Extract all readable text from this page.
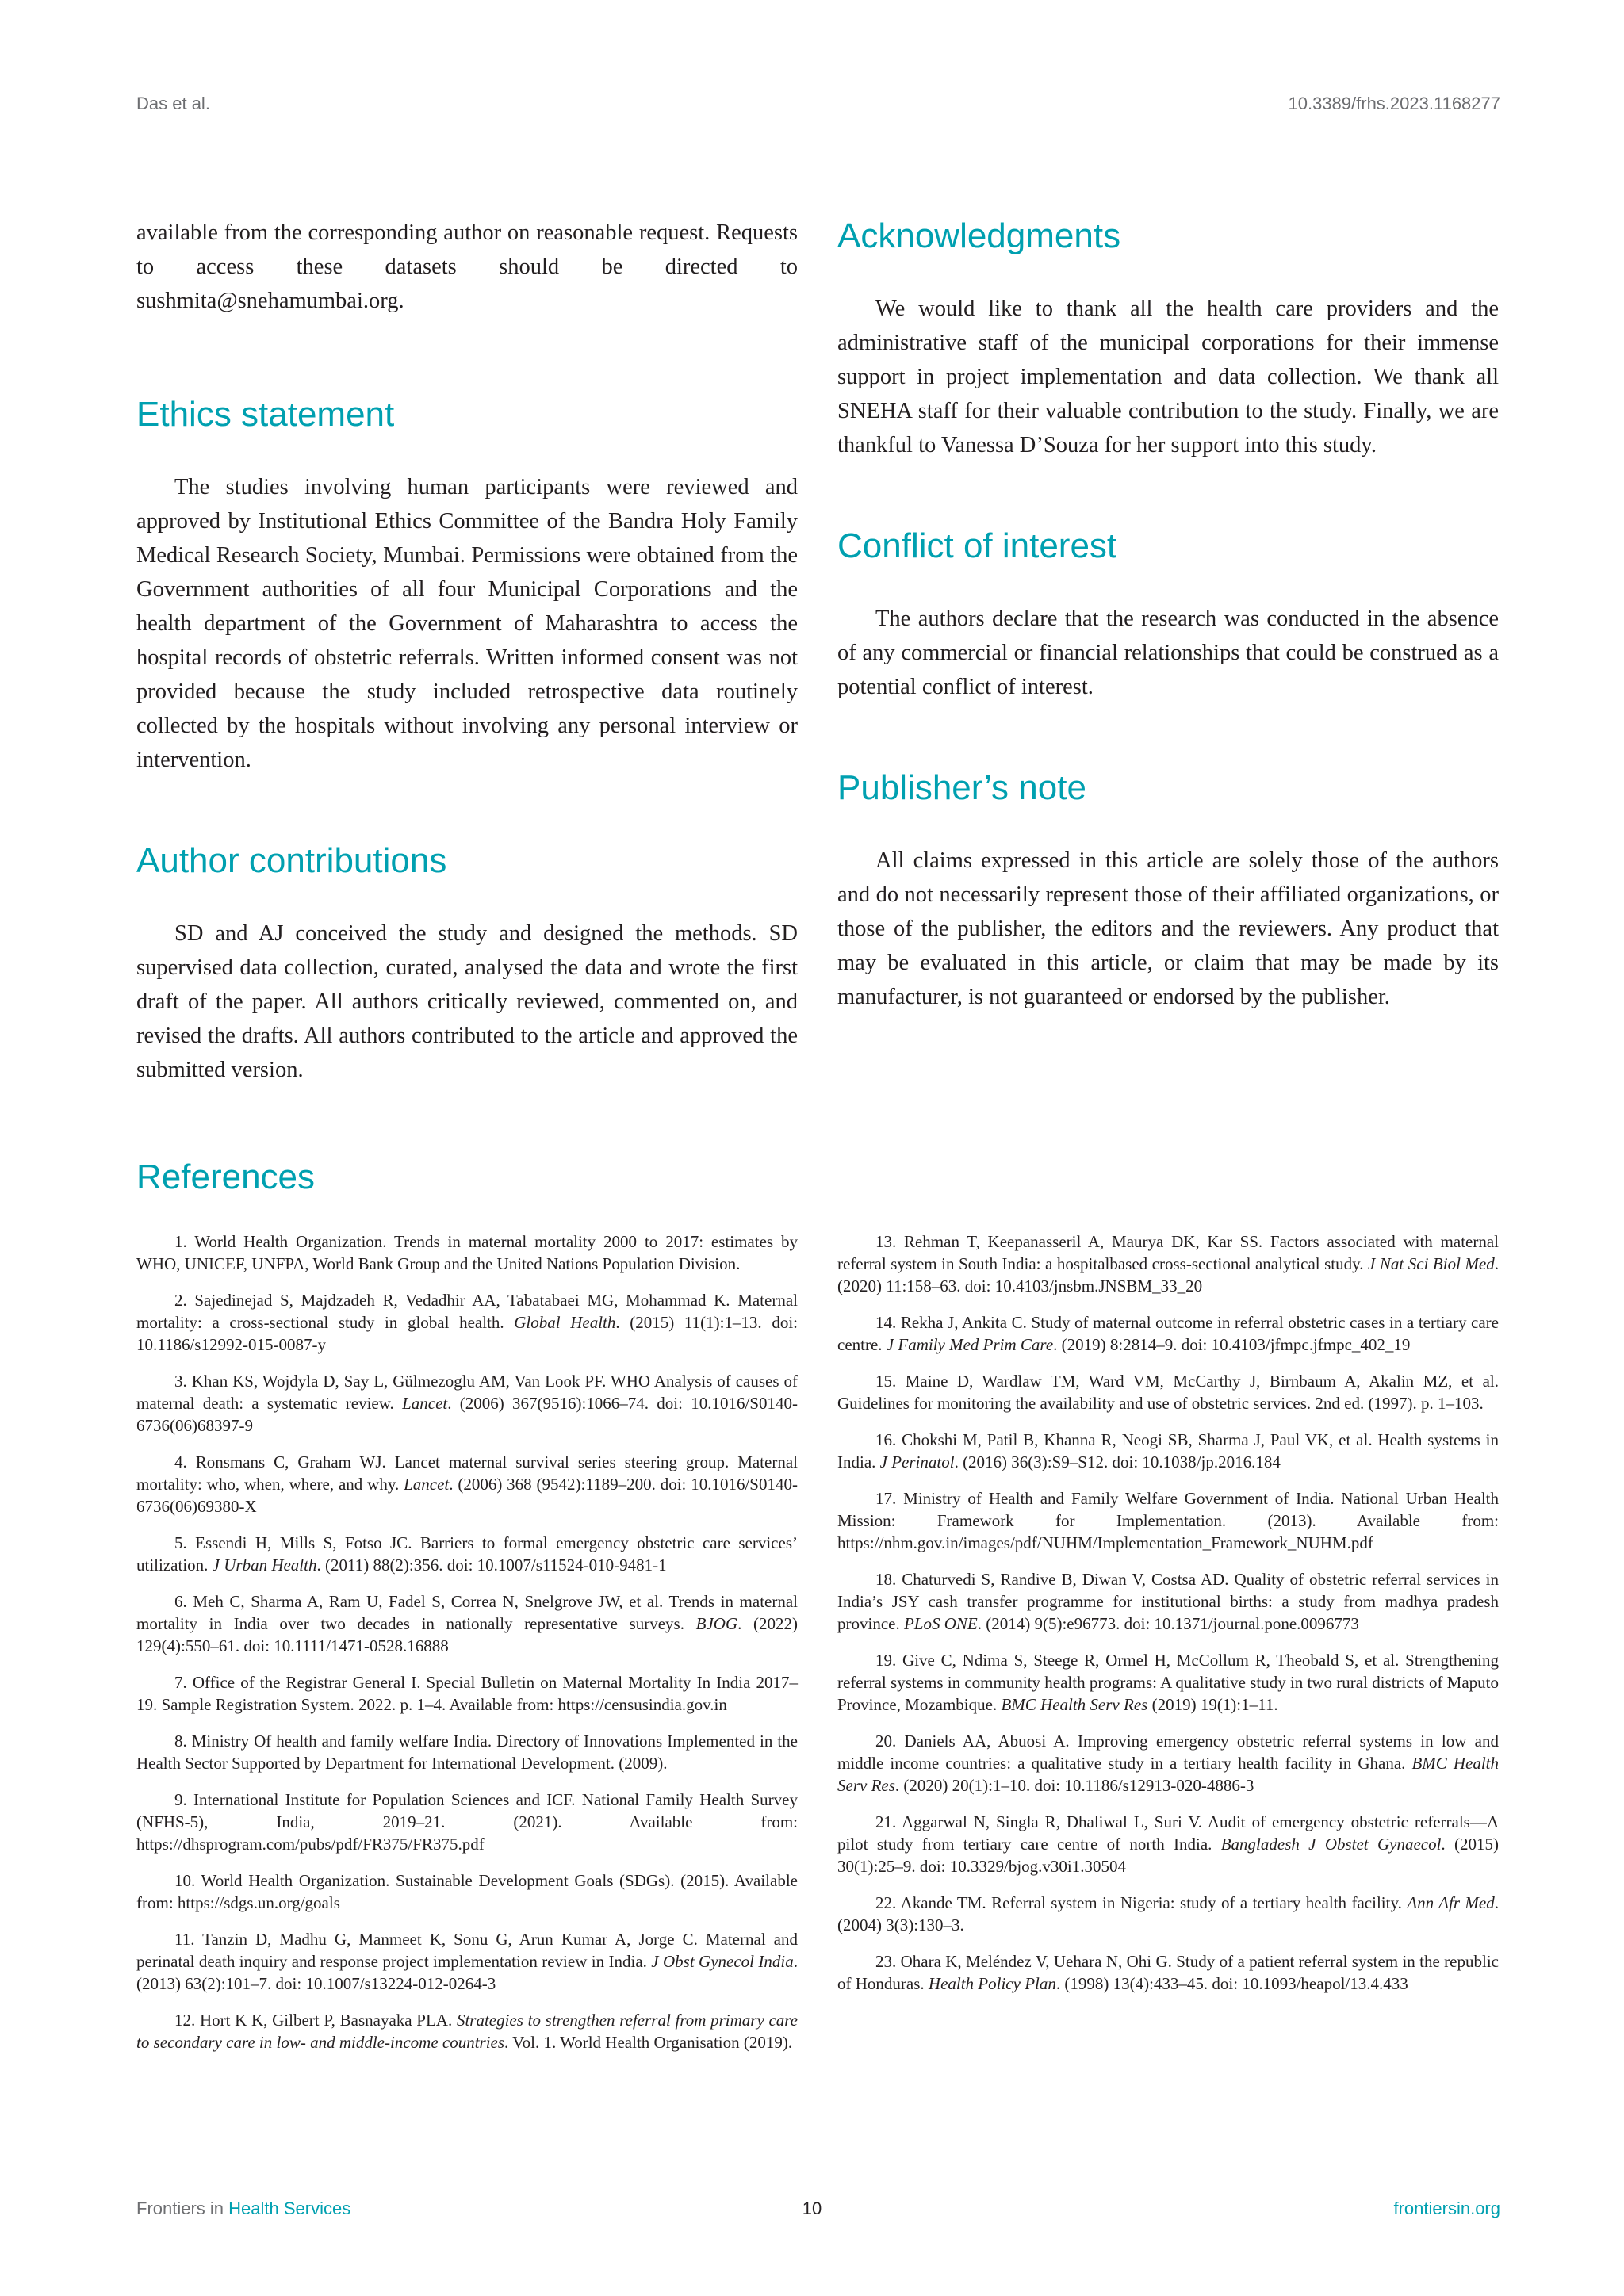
Das et al.	10.3389/frhs.2023.1168277

available from the corresponding author on reasonable request. Requests to access these datasets should be directed to sushmita@snehamumbai.org.

Ethics statement

The studies involving human participants were reviewed and approved by Institutional Ethics Committee of the Bandra Holy Family Medical Research Society, Mumbai. Permissions were obtained from the Government authorities of all four Municipal Corporations and the health department of the Government of Maharashtra to access the hospital records of obstetric referrals. Written informed consent was not provided because the study included retrospective data routinely collected by the hospitals without involving any personal interview or intervention.

Author contributions

SD and AJ conceived the study and designed the methods. SD supervised data collection, curated, analysed the data and wrote the first draft of the paper. All authors critically reviewed, commented on, and revised the drafts. All authors contributed to the article and approved the submitted version.

Acknowledgments

We would like to thank all the health care providers and the administrative staff of the municipal corporations for their immense support in project implementation and data collection. We thank all SNEHA staff for their valuable contribution to the study. Finally, we are thankful to Vanessa D’Souza for her support into this study.

Conflict of interest

The authors declare that the research was conducted in the absence of any commercial or financial relationships that could be construed as a potential conflict of interest.

Publisher’s note

All claims expressed in this article are solely those of the authors and do not necessarily represent those of their affiliated organizations, or those of the publisher, the editors and the reviewers. Any product that may be evaluated in this article, or claim that may be made by its manufacturer, is not guaranteed or endorsed by the publisher.

References

1. World Health Organization. Trends in maternal mortality 2000 to 2017: estimates by WHO, UNICEF, UNFPA, World Bank Group and the United Nations Population Division.

2. Sajedinejad S, Majdzadeh R, Vedadhir AA, Tabatabaei MG, Mohammad K. Maternal mortality: a cross-sectional study in global health. Global Health. (2015) 11(1):1–13. doi: 10.1186/s12992-015-0087-y

3. Khan KS, Wojdyla D, Say L, Gülmezoglu AM, Van Look PF. WHO Analysis of causes of maternal death: a systematic review. Lancet. (2006) 367(9516):1066–74. doi: 10.1016/S0140-6736(06)68397-9

4. Ronsmans C, Graham WJ. Lancet maternal survival series steering group. Maternal mortality: who, when, where, and why. Lancet. (2006) 368 (9542):1189–200. doi: 10.1016/S0140-6736(06)69380-X

5. Essendi H, Mills S, Fotso JC. Barriers to formal emergency obstetric care services’ utilization. J Urban Health. (2011) 88(2):356. doi: 10.1007/s11524-010-9481-1

6. Meh C, Sharma A, Ram U, Fadel S, Correa N, Snelgrove JW, et al. Trends in maternal mortality in India over two decades in nationally representative surveys. BJOG. (2022) 129(4):550–61. doi: 10.1111/1471-0528.16888

7. Office of the Registrar General I. Special Bulletin on Maternal Mortality In India 2017–19. Sample Registration System. 2022. p. 1–4. Available from: https://censusindia.gov.in

8. Ministry Of health and family welfare India. Directory of Innovations Implemented in the Health Sector Supported by Department for International Development. (2009).

9. International Institute for Population Sciences and ICF. National Family Health Survey (NFHS-5), India, 2019–21. (2021). Available from: https://dhsprogram.com/pubs/pdf/FR375/FR375.pdf

10. World Health Organization. Sustainable Development Goals (SDGs). (2015). Available from: https://sdgs.un.org/goals

11. Tanzin D, Madhu G, Manmeet K, Sonu G, Arun Kumar A, Jorge C. Maternal and perinatal death inquiry and response project implementation review in India. J Obst Gynecol India. (2013) 63(2):101–7. doi: 10.1007/s13224-012-0264-3

12. Hort K K, Gilbert P, Basnayaka PLA. Strategies to strengthen referral from primary care to secondary care in low- and middle-income countries. Vol. 1. World Health Organisation (2019).

13. Rehman T, Keepanasseril A, Maurya DK, Kar SS. Factors associated with maternal referral system in South India: a hospitalbased cross-sectional analytical study. J Nat Sci Biol Med. (2020) 11:158–63. doi: 10.4103/jnsbm.JNSBM_33_20

14. Rekha J, Ankita C. Study of maternal outcome in referral obstetric cases in a tertiary care centre. J Family Med Prim Care. (2019) 8:2814–9. doi: 10.4103/jfmpc.jfmpc_402_19

15. Maine D, Wardlaw TM, Ward VM, McCarthy J, Birnbaum A, Akalin MZ, et al. Guidelines for monitoring the availability and use of obstetric services. 2nd ed. (1997). p. 1–103.

16. Chokshi M, Patil B, Khanna R, Neogi SB, Sharma J, Paul VK, et al. Health systems in India. J Perinatol. (2016) 36(3):S9–S12. doi: 10.1038/jp.2016.184

17. Ministry of Health and Family Welfare Government of India. National Urban Health Mission: Framework for Implementation. (2013). Available from: https://nhm.gov.in/images/pdf/NUHM/Implementation_Framework_NUHM.pdf

18. Chaturvedi S, Randive B, Diwan V, Costsa AD. Quality of obstetric referral services in India’s JSY cash transfer programme for institutional births: a study from madhya pradesh province. PLoS ONE. (2014) 9(5):e96773. doi: 10.1371/journal.pone.0096773

19. Give C, Ndima S, Steege R, Ormel H, McCollum R, Theobald S, et al. Strengthening referral systems in community health programs: A qualitative study in two rural districts of Maputo Province, Mozambique. BMC Health Serv Res (2019) 19(1):1–11.

20. Daniels AA, Abuosi A. Improving emergency obstetric referral systems in low and middle income countries: a qualitative study in a tertiary health facility in Ghana. BMC Health Serv Res. (2020) 20(1):1–10. doi: 10.1186/s12913-020-4886-3

21. Aggarwal N, Singla R, Dhaliwal L, Suri V. Audit of emergency obstetric referrals—A pilot study from tertiary care centre of north India. Bangladesh J Obstet Gynaecol. (2015) 30(1):25–9. doi: 10.3329/bjog.v30i1.30504

22. Akande TM. Referral system in Nigeria: study of a tertiary health facility. Ann Afr Med. (2004) 3(3):130–3.

23. Ohara K, Meléndez V, Uehara N, Ohi G. Study of a patient referral system in the republic of Honduras. Health Policy Plan. (1998) 13(4):433–45. doi: 10.1093/heapol/13.4.433

Frontiers in Health Services	10	frontiersin.org
